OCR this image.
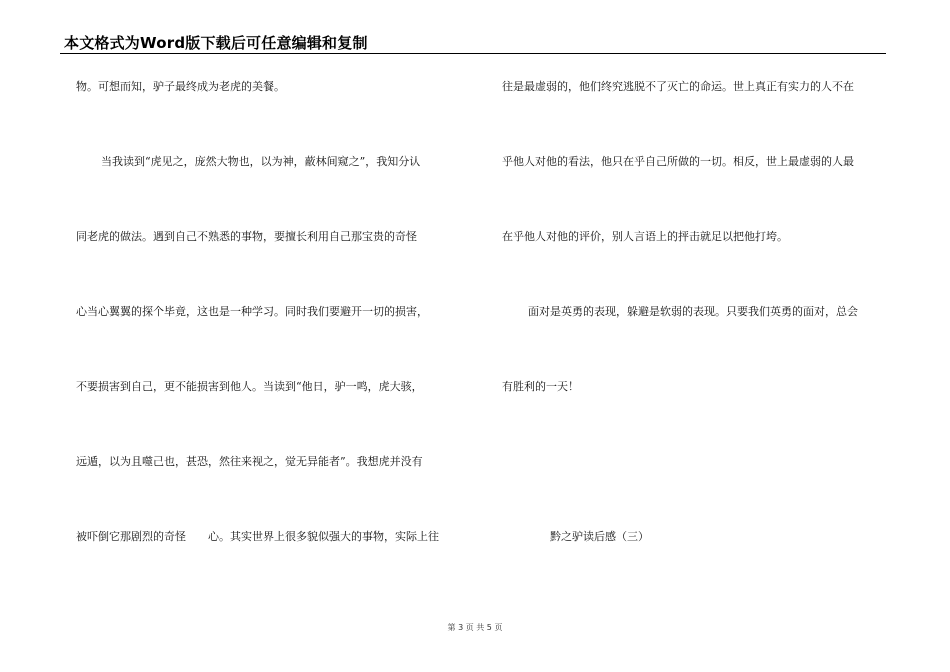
本文格式为Word版下载后可任意编辑和复制
物。可想而知，驴子最终成为老虎的美餐。
当我读到“虎见之，庞然大物也，以为神，蔽林间窥之”，我知分认
同老虎的做法。遇到自己不熟悉的事物，要擅长利用自己那宝贵的奇怪
心当心翼翼的探个毕竟，这也是一种学习。同时我们要避开一切的损害，
不要损害到自己，更不能损害到他人。当读到“他日，驴一鸣，虎大骇，
远遁，以为且噬己也，甚恐，然往来视之，觉无异能者”。我想虎并没有
被吓倒它那剧烈的奇怪　　心。其实世界上很多貌似强大的事物，实际上往
往是最虚弱的，他们终究逃脱不了灭亡的命运。世上真正有实力的人不在
乎他人对他的看法，他只在乎自己所做的一切。相反，世上最虚弱的人最
在乎他人对他的评价，别人言语上的抨击就足以把他打垮。
面对是英勇的表现，躲避是软弱的表现。只要我们英勇的面对，总会
有胜利的一天！
黔之驴读后感（三）
第 3 页 共 5 页
